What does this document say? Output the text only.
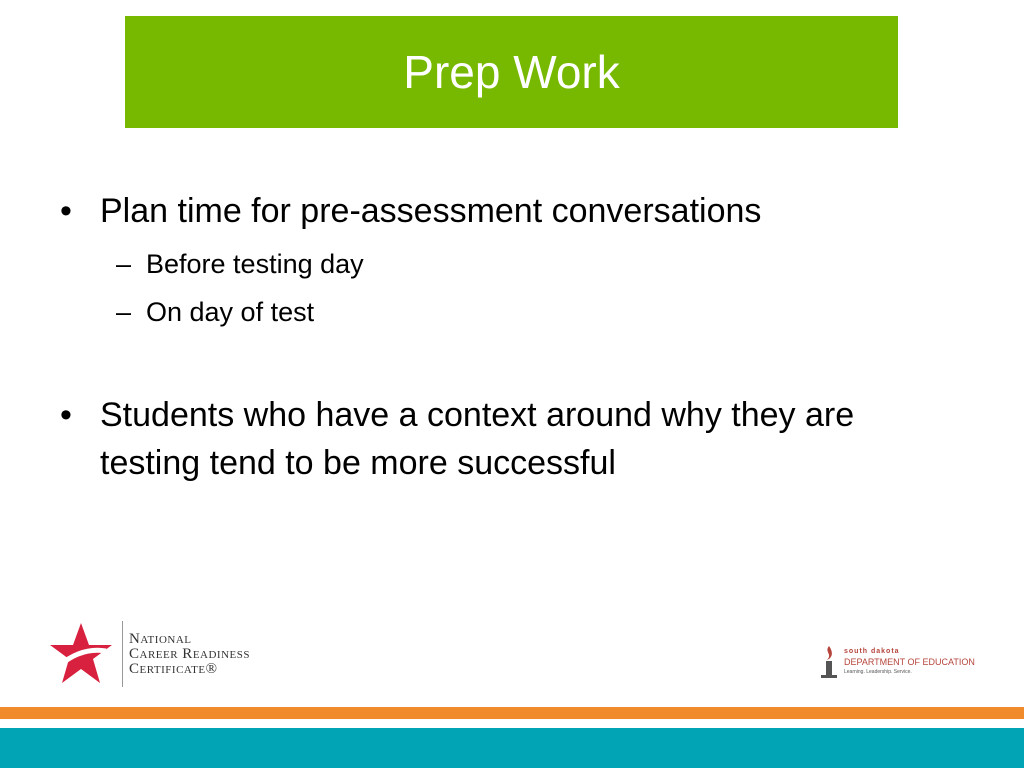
Prep Work
• Plan time for pre-assessment conversations
– Before testing day
– On day of test
• Students who have a context around why they are testing tend to be more successful
National
Career Readiness
Certificate®
south dakota
DEPARTMENT OF EDUCATION
Learning. Leadership. Service.
